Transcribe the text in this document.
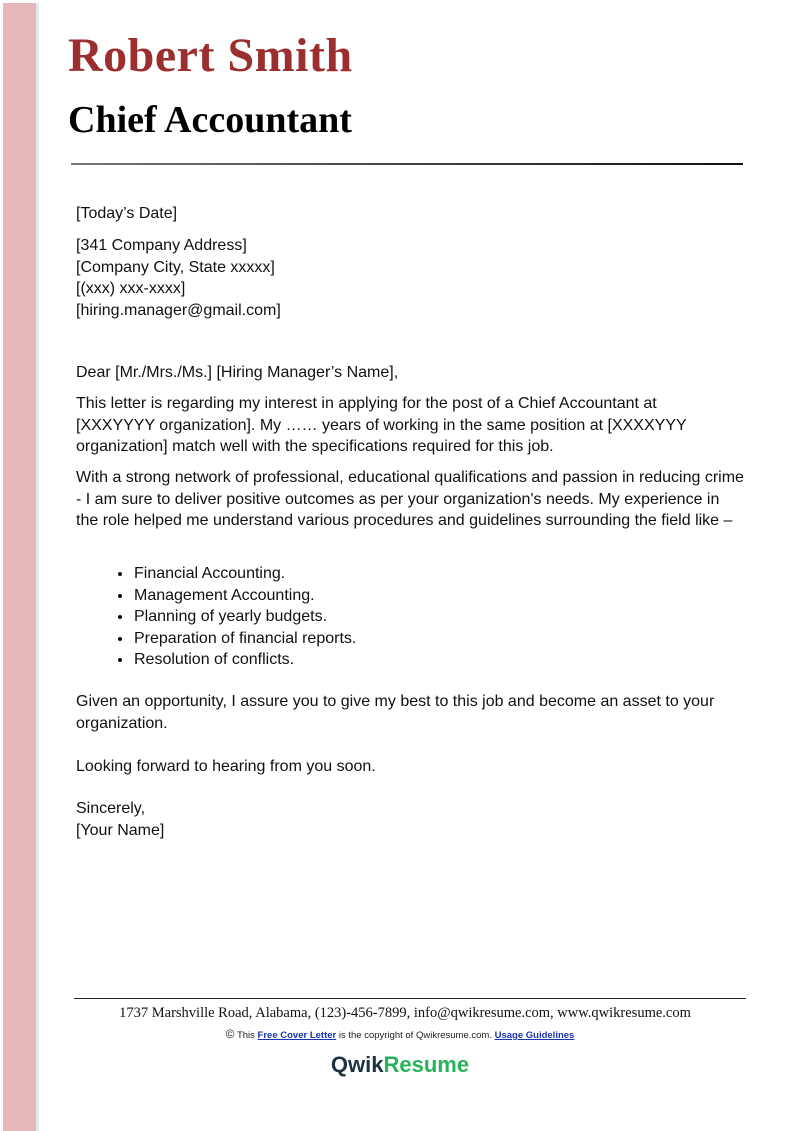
Robert Smith
Chief Accountant
[Today’s Date]

[341 Company Address]

[Company City, State xxxxx]

[(xxx) xxx-xxxx]

[hiring.manager@gmail.com]

Dear [Mr./Mrs./Ms.] [Hiring Manager’s Name],
This letter is regarding my interest in applying for the post of a Chief Accountant at [XXXYYYY organization]. My …… years of working in the same position at [XXXXYYY organization] match well with the specifications required for this job.
With a strong network of professional, educational qualifications and passion in reducing crime - I am sure to deliver positive outcomes as per your organization's needs. My experience in the role helped me understand various procedures and guidelines surrounding the field like –
• Financial Accounting.
• Management Accounting.
• Planning of yearly budgets.
• Preparation of financial reports.
• Resolution of conflicts.
Given an opportunity, I assure you to give my best to this job and become an asset to your organization.
Looking forward to hearing from you soon.

Sincerely,

[Your Name]

1737 Marshville Road, Alabama, (123)-456-7899, info@qwikresume.com, www.qwikresume.com
© This Free Cover Letter is the copyright of Qwikresume.com. Usage Guidelines
QwikResume
